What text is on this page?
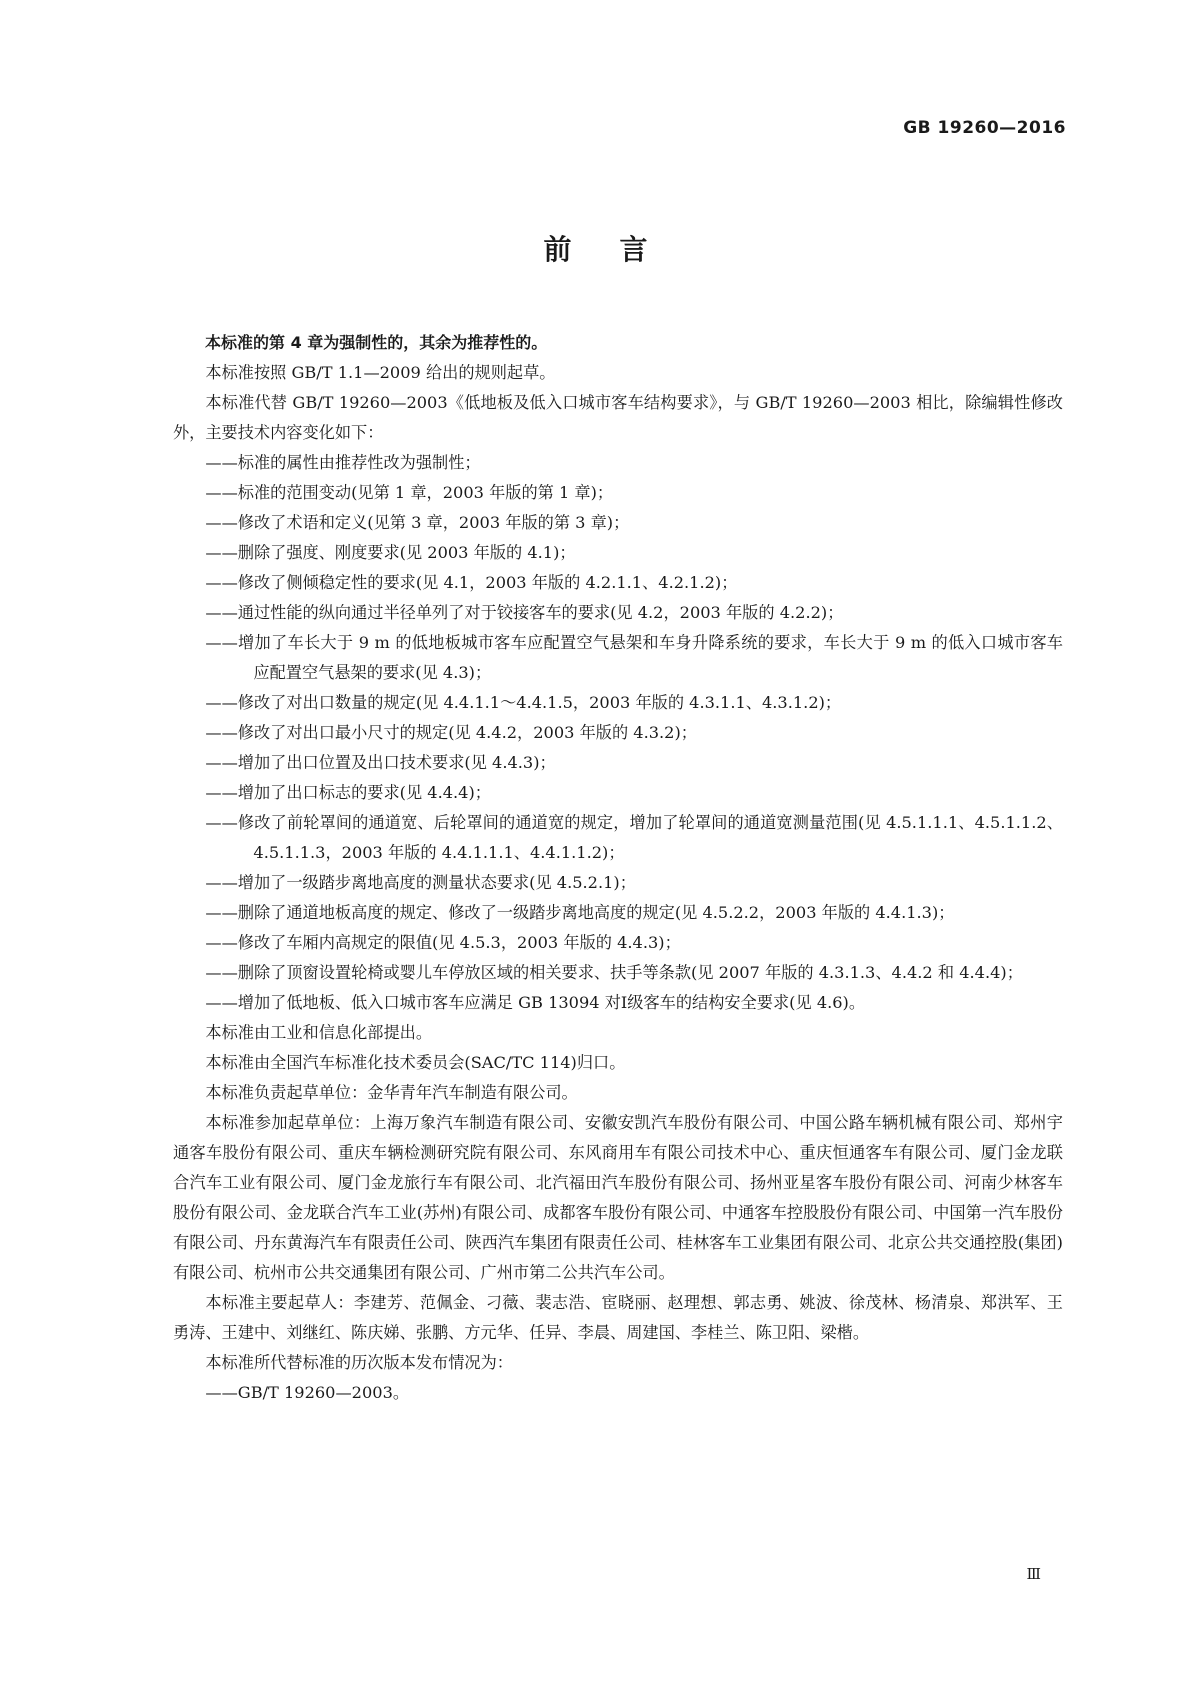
GB 19260—2016
前言

本标准的第 4 章为强制性的，其余为推荐性的。

本标准按照 GB/T 1.1—2009 给出的规则起草。

本标准代替 GB/T 19260—2003《低地板及低入口城市客车结构要求》，与 GB/T 19260—2003 相比，除编辑性修改外，主要技术内容变化如下：

——标准的属性由推荐性改为强制性；

——标准的范围变动(见第 1 章，2003 年版的第 1 章)；

——修改了术语和定义(见第 3 章，2003 年版的第 3 章)；

——删除了强度、刚度要求(见 2003 年版的 4.1)；

——修改了侧倾稳定性的要求(见 4.1，2003 年版的 4.2.1.1、4.2.1.2)；

——通过性能的纵向通过半径单列了对于铰接客车的要求(见 4.2，2003 年版的 4.2.2)；

——增加了车长大于 9 m 的低地板城市客车应配置空气悬架和车身升降系统的要求，车长大于 9 m 的低入口城市客车应配置空气悬架的要求(见 4.3)；

——修改了对出口数量的规定(见 4.4.1.1～4.4.1.5，2003 年版的 4.3.1.1、4.3.1.2)；

——修改了对出口最小尺寸的规定(见 4.4.2，2003 年版的 4.3.2)；

——增加了出口位置及出口技术要求(见 4.4.3)；

——增加了出口标志的要求(见 4.4.4)；

——修改了前轮罩间的通道宽、后轮罩间的通道宽的规定，增加了轮罩间的通道宽测量范围(见 4.5.1.1.1、4.5.1.1.2、4.5.1.1.3，2003 年版的 4.4.1.1.1、4.4.1.1.2)；

——增加了一级踏步离地高度的测量状态要求(见 4.5.2.1)；

——删除了通道地板高度的规定、修改了一级踏步离地高度的规定(见 4.5.2.2，2003 年版的 4.4.1.3)；

——修改了车厢内高规定的限值(见 4.5.3，2003 年版的 4.4.3)；

——删除了顶窗设置轮椅或婴儿车停放区域的相关要求、扶手等条款(见 2007 年版的 4.3.1.3、4.4.2 和 4.4.4)；

——增加了低地板、低入口城市客车应满足 GB 13094 对Ⅰ级客车的结构安全要求(见 4.6)。

本标准由工业和信息化部提出。

本标准由全国汽车标准化技术委员会(SAC/TC 114)归口。

本标准负责起草单位：金华青年汽车制造有限公司。

本标准参加起草单位：上海万象汽车制造有限公司、安徽安凯汽车股份有限公司、中国公路车辆机械有限公司、郑州宇通客车股份有限公司、重庆车辆检测研究院有限公司、东风商用车有限公司技术中心、重庆恒通客车有限公司、厦门金龙联合汽车工业有限公司、厦门金龙旅行车有限公司、北汽福田汽车股份有限公司、扬州亚星客车股份有限公司、河南少林客车股份有限公司、金龙联合汽车工业(苏州)有限公司、成都客车股份有限公司、中通客车控股股份有限公司、中国第一汽车股份有限公司、丹东黄海汽车有限责任公司、陕西汽车集团有限责任公司、桂林客车工业集团有限公司、北京公共交通控股(集团)有限公司、杭州市公共交通集团有限公司、广州市第二公共汽车公司。

本标准主要起草人：李建芳、范佩金、刁薇、裴志浩、宦晓丽、赵理想、郭志勇、姚波、徐茂林、杨清泉、郑洪军、王勇涛、王建中、刘继红、陈庆娣、张鹏、方元华、任异、李晨、周建国、李桂兰、陈卫阳、梁楷。

本标准所代替标准的历次版本发布情况为：

——GB/T 19260—2003。

Ⅲ
